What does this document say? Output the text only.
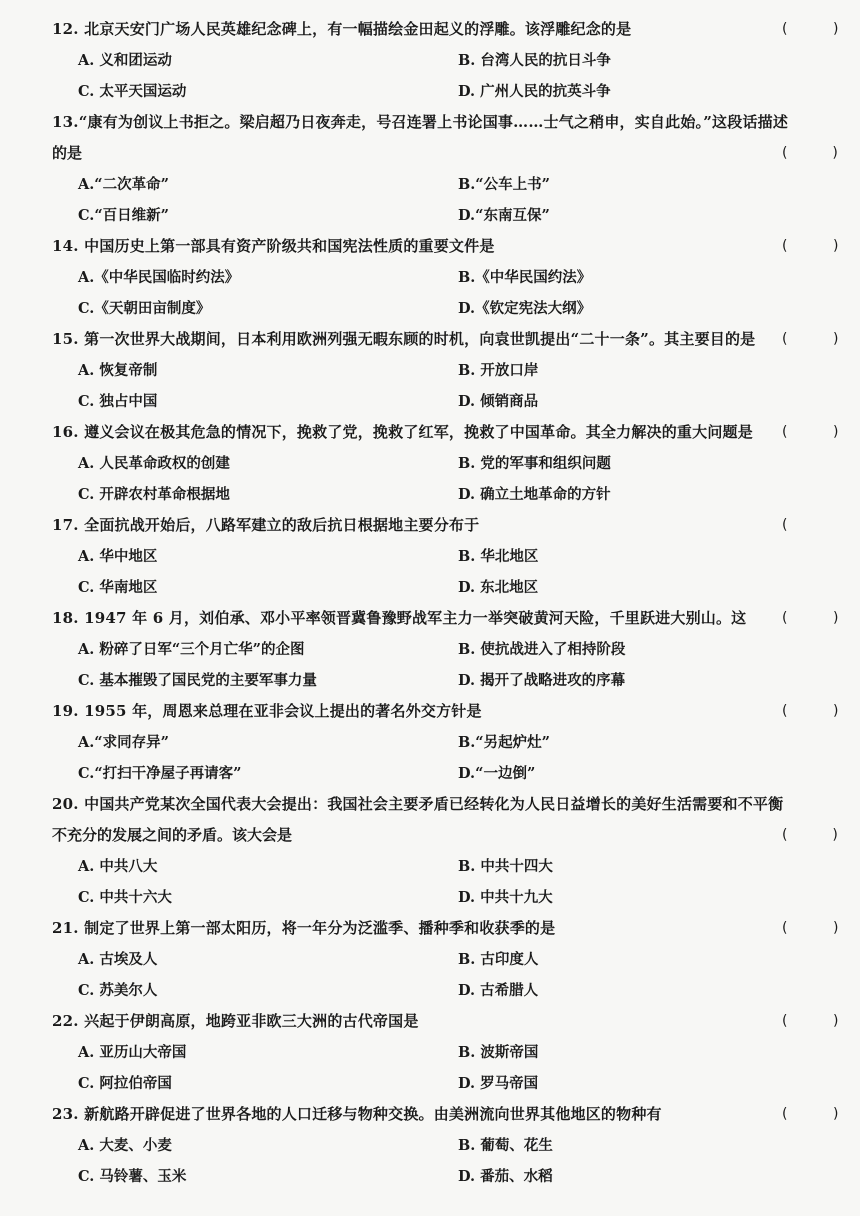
12. 北京天安门广场人民英雄纪念碑上，有一幅描绘金田起义的浮雕。该浮雕纪念的是	(  )
A. 义和团运动	B. 台湾人民的抗日斗争
C. 太平天国运动	D. 广州人民的抗英斗争
13.“康有为创议上书拒之。梁启超乃日夜奔走，号召连署上书论国事……士气之稍申，实自此始。”这段话描述
的是	(  )
A.“二次革命”	B.“公车上书”
C.“百日维新”	D.“东南互保”
14. 中国历史上第一部具有资产阶级共和国宪法性质的重要文件是	(  )
A.《中华民国临时约法》	B.《中华民国约法》
C.《天朝田亩制度》	D.《钦定宪法大纲》
15. 第一次世界大战期间，日本利用欧洲列强无暇东顾的时机，向袁世凯提出“二十一条”。其主要目的是	(  )
A. 恢复帝制	B. 开放口岸
C. 独占中国	D. 倾销商品
16. 遵义会议在极其危急的情况下，挽救了党，挽救了红军，挽救了中国革命。其全力解决的重大问题是	(  )
A. 人民革命政权的创建	B. 党的军事和组织问题
C. 开辟农村革命根据地	D. 确立土地革命的方针
17. 全面抗战开始后，八路军建立的敌后抗日根据地主要分布于	(
A. 华中地区	B. 华北地区
C. 华南地区	D. 东北地区
18. 1947 年 6 月，刘伯承、邓小平率领晋冀鲁豫野战军主力一举突破黄河天险，千里跃进大别山。这	(  )
A. 粉碎了日军“三个月亡华”的企图	B. 使抗战进入了相持阶段
C. 基本摧毁了国民党的主要军事力量	D. 揭开了战略进攻的序幕
19. 1955 年，周恩来总理在亚非会议上提出的著名外交方针是	(  )
A.“求同存异”	B.“另起炉灶”
C.“打扫干净屋子再请客”	D.“一边倒”
20. 中国共产党某次全国代表大会提出：我国社会主要矛盾已经转化为人民日益增长的美好生活需要和不平衡
不充分的发展之间的矛盾。该大会是	(  )
A. 中共八大	B. 中共十四大
C. 中共十六大	D. 中共十九大
21. 制定了世界上第一部太阳历，将一年分为泛滥季、播种季和收获季的是	(  )
A. 古埃及人	B. 古印度人
C. 苏美尔人	D. 古希腊人
22. 兴起于伊朗高原，地跨亚非欧三大洲的古代帝国是	(  )
A. 亚历山大帝国	B. 波斯帝国
C. 阿拉伯帝国	D. 罗马帝国
23. 新航路开辟促进了世界各地的人口迁移与物种交换。由美洲流向世界其他地区的物种有	(  )
A. 大麦、小麦	B. 葡萄、花生
C. 马铃薯、玉米	D. 番茄、水稻
